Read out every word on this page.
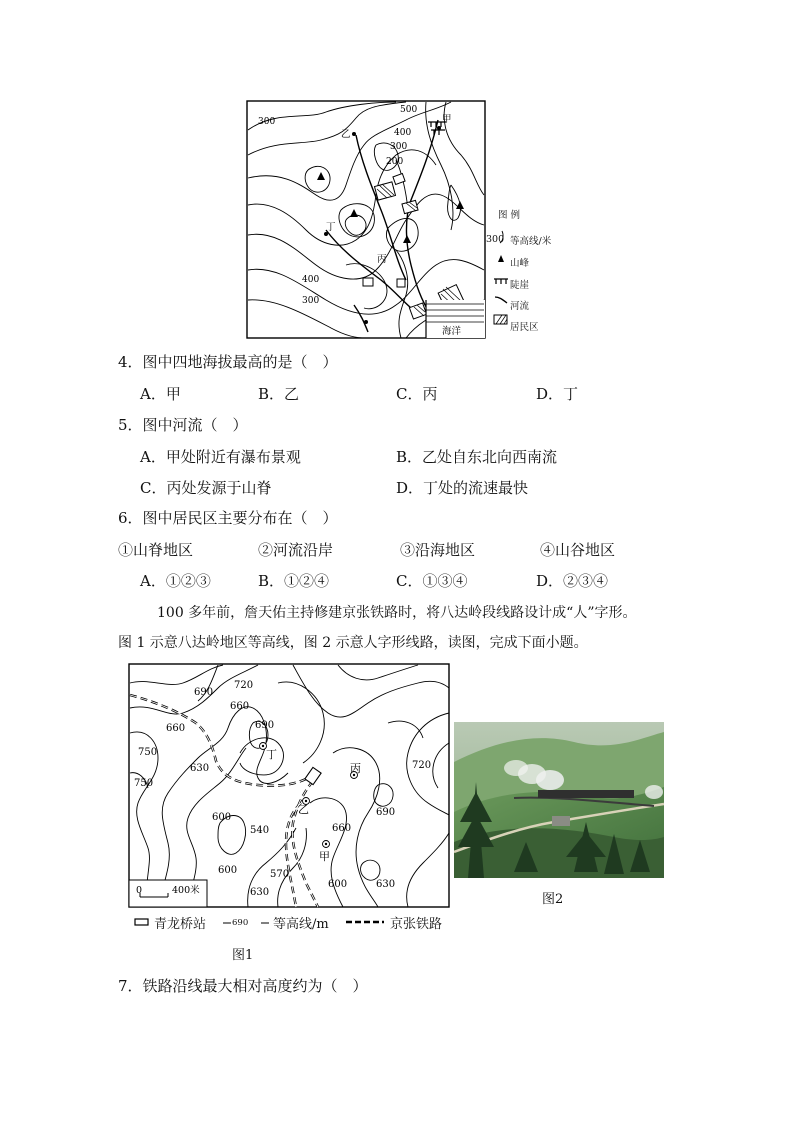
300
500
400
300
200
400
300
甲
乙
丙
丁
海洋
图 例
300 等高线/米
山峰
陡崖
河流
居民区
4．图中四地海拔最高的是（　）
A．甲	B．乙	C．丙	D．丁
5．图中河流（　）
A．甲处附近有瀑布景观	B．乙处自东北向西南流
C．丙处发源于山脊	D．丁处的流速最快
6．图中居民区主要分布在（　）
①山脊地区	②河流沿岸	③沿海地区	④山谷地区
A．①②③	B．①②④	C．①③④	D．②③④
100 多年前，詹天佑主持修建京张铁路时，将八达岭段线路设计成“人”字形。
图 1 示意八达岭地区等高线，图 2 示意人字形线路，读图，完成下面小题。
690
720
660
690
750
660
750
630	720
600
540
690
660
600	570
630
600	630
丁
丙
乙
甲
0	400米
青龙桥站	690 等高线/m	京张铁路
图1
图2
7．铁路沿线最大相对高度约为（　）
